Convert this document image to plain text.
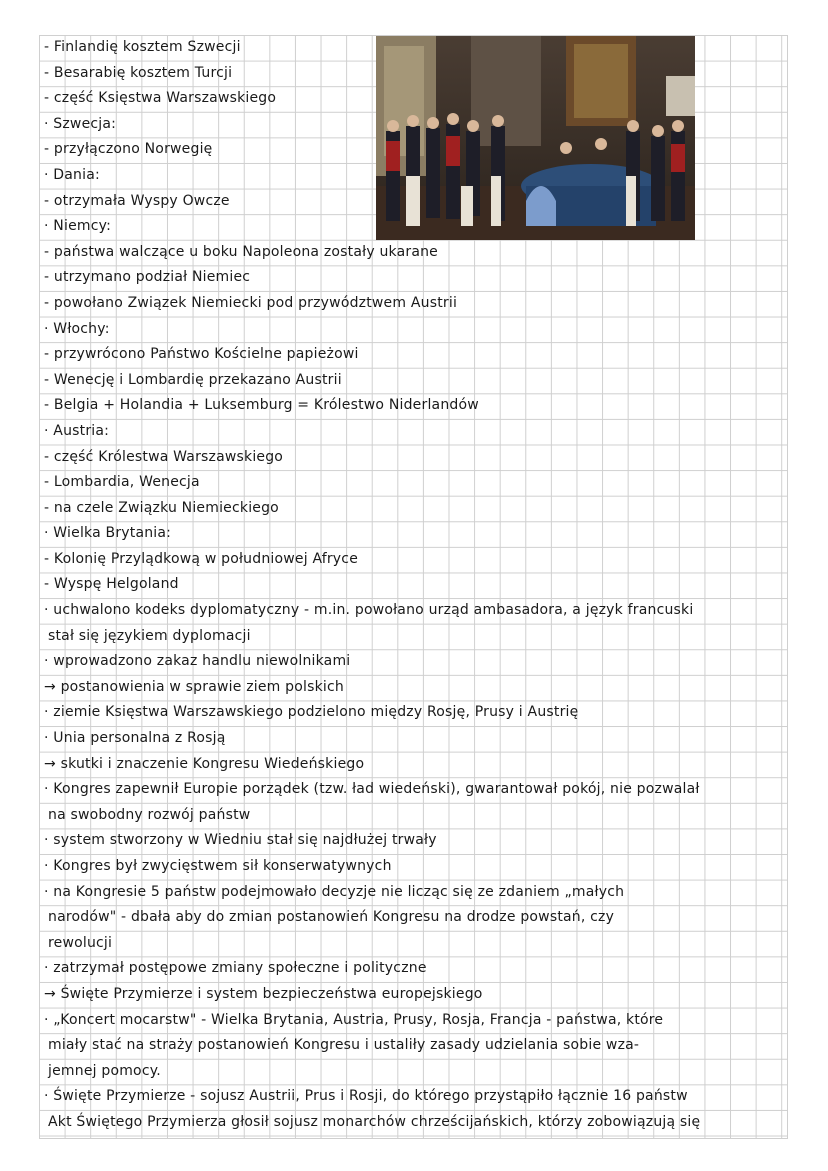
- Finlandię kosztem Szwecji
- Besarabię kosztem Turcji
- część Księstwa Warszawskiego
· Szwecja:
- przyłączono Norwegię
· Dania:
- otrzymała Wyspy Owcze
· Niemcy:
- państwa walczące u boku Napoleona zostały ukarane
- utrzymano podział Niemiec
- powołano Związek Niemiecki pod przywództwem Austrii
· Włochy:
- przywrócono Państwo Kościelne papieżowi
- Wenecję i Lombardię przekazano Austrii
- Belgia + Holandia + Luksemburg = Królestwo Niderlandów
· Austria:
- część Królestwa Warszawskiego
- Lombardia, Wenecja
- na czele Związku Niemieckiego
· Wielka Brytania:
- Kolonię Przylądkową w południowej Afryce
- Wyspę Helgoland
· uchwalono kodeks dyplomatyczny - m.in. powołano urząd ambasadora, a język francuski
stał się językiem dyplomacji
· wprowadzono zakaz handlu niewolnikami
→ postanowienia w sprawie ziem polskich
· ziemie Księstwa Warszawskiego podzielono między Rosję, Prusy i Austrię
· Unia personalna z Rosją
→ skutki i znaczenie Kongresu Wiedeńskiego
· Kongres zapewnił Europie porządek (tzw. ład wiedeński), gwarantował pokój, nie pozwalał
na swobodny rozwój państw
· system stworzony w Wiedniu stał się najdłużej trwały
· Kongres był zwycięstwem sił konserwatywnych
· na Kongresie 5 państw podejmowało decyzje nie licząc się ze zdaniem „małych
narodów" - dbała aby do zmian postanowień Kongresu na drodze powstań, czy
rewolucji
· zatrzymał postępowe zmiany społeczne i polityczne
→ Święte Przymierze i system bezpieczeństwa europejskiego
· „Koncert mocarstw" - Wielka Brytania, Austria, Prusy, Rosja, Francja - państwa, które
miały stać na straży postanowień Kongresu i ustaliły zasady udzielania sobie wza-
jemnej pomocy.
· Święte Przymierze - sojusz Austrii, Prus i Rosji, do którego przystąpiło łącznie 16 państw
Akt Świętego Przymierza głosił sojusz monarchów chrześcijańskich, którzy zobowiązują się
